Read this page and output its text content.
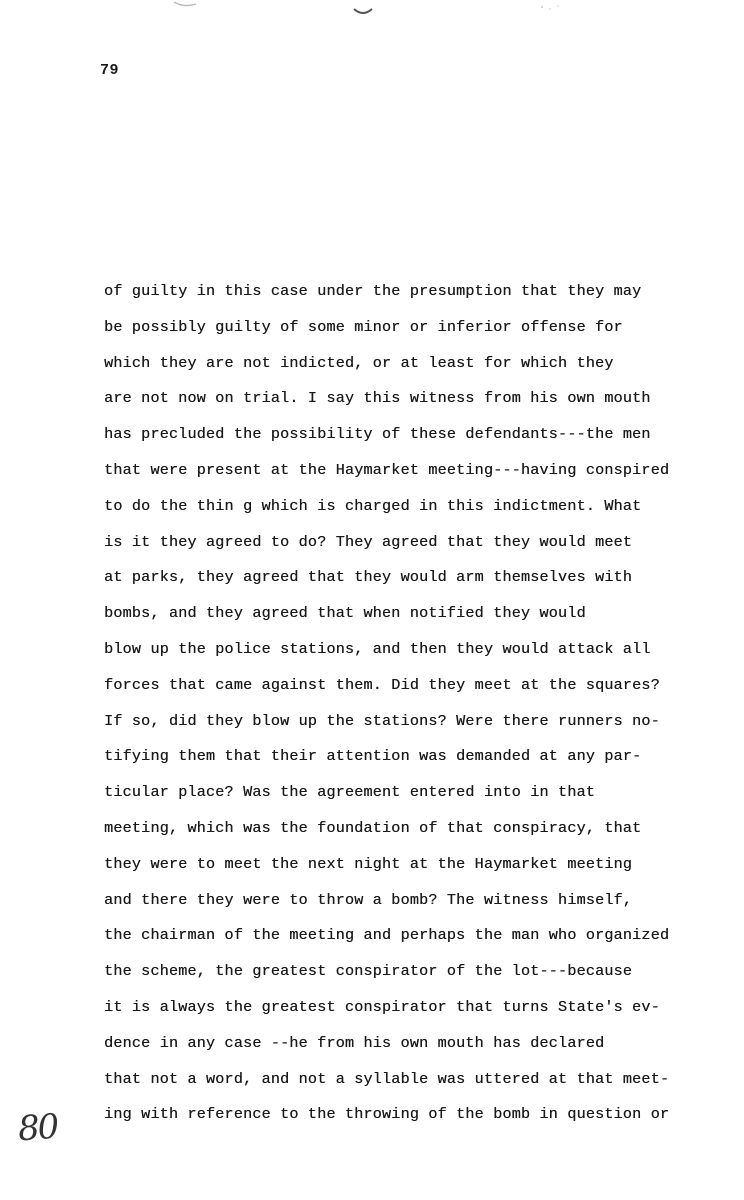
79
of guilty in this case under the presumption that they may
be possibly guilty of some minor or inferior offense for
which they are not indicted, or at least for which they
are not now on trial. I say this witness from his own mouth
has precluded the possibility of these defendants---the men
that were present at the Haymarket meeting---having conspired
to do the thin g which is charged in this indictment. What
is it they agreed to do? They agreed that they would meet
at parks, they agreed that they would arm themselves with
bombs, and they agreed that when notified they would
blow up the police stations, and then they would attack all
forces that came against them. Did they meet at the squares?
If so, did they blow up the stations? Were there runners no-
tifying them that their attention was demanded at any par-
ticular place? Was the agreement entered into in that
meeting, which was the foundation of that conspiracy, that
they were to meet the next night at the Haymarket meeting
and there they were to throw a bomb? The witness himself,
the chairman of the meeting and perhaps the man who organized
the scheme, the greatest conspirator of the lot---because
it is always the greatest conspirator that turns State's ev-
dence in any case --he from his own mouth has declared
that not a word, and not a syllable was uttered at that meet-
ing with reference to the throwing of the bomb in question or
80
